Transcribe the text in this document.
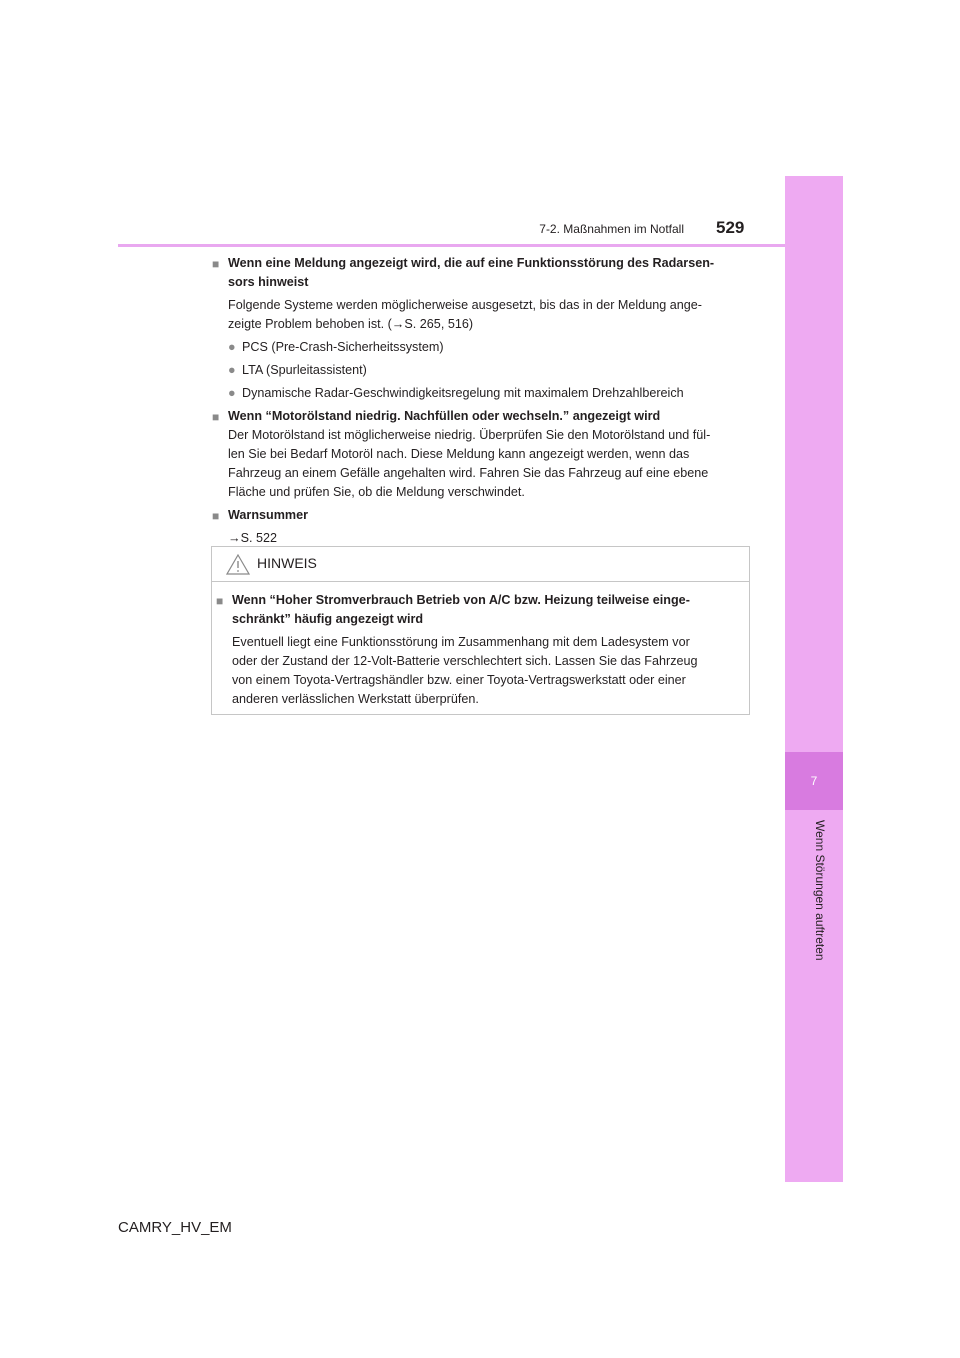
7
Wenn Störungen auftreten
7-2. Maßnahmen im Notfall 529
■ Wenn eine Meldung angezeigt wird, die auf eine Funktionsstörung des Radarsen-
sors hinweist
Folgende Systeme werden möglicherweise ausgesetzt, bis das in der Meldung ange-
zeigte Problem behoben ist. (→S. 265, 516)
● PCS (Pre-Crash-Sicherheitssystem)
● LTA (Spurleitassistent)
● Dynamische Radar-Geschwindigkeitsregelung mit maximalem Drehzahlbereich
■ Wenn “Motorölstand niedrig. Nachfüllen oder wechseln.” angezeigt wird
Der Motorölstand ist möglicherweise niedrig. Überprüfen Sie den Motorölstand und fül-
len Sie bei Bedarf Motoröl nach. Diese Meldung kann angezeigt werden, wenn das
Fahrzeug an einem Gefälle angehalten wird. Fahren Sie das Fahrzeug auf eine ebene
Fläche und prüfen Sie, ob die Meldung verschwindet.
■ Warnsummer
→S. 522
HINWEIS
■ Wenn “Hoher Stromverbrauch Betrieb von A/C bzw. Heizung teilweise einge-
schränkt” häufig angezeigt wird
Eventuell liegt eine Funktionsstörung im Zusammenhang mit dem Ladesystem vor
oder der Zustand der 12-Volt-Batterie verschlechtert sich. Lassen Sie das Fahrzeug
von einem Toyota-Vertragshändler bzw. einer Toyota-Vertragswerkstatt oder einer
anderen verlässlichen Werkstatt überprüfen.
CAMRY_HV_EM
